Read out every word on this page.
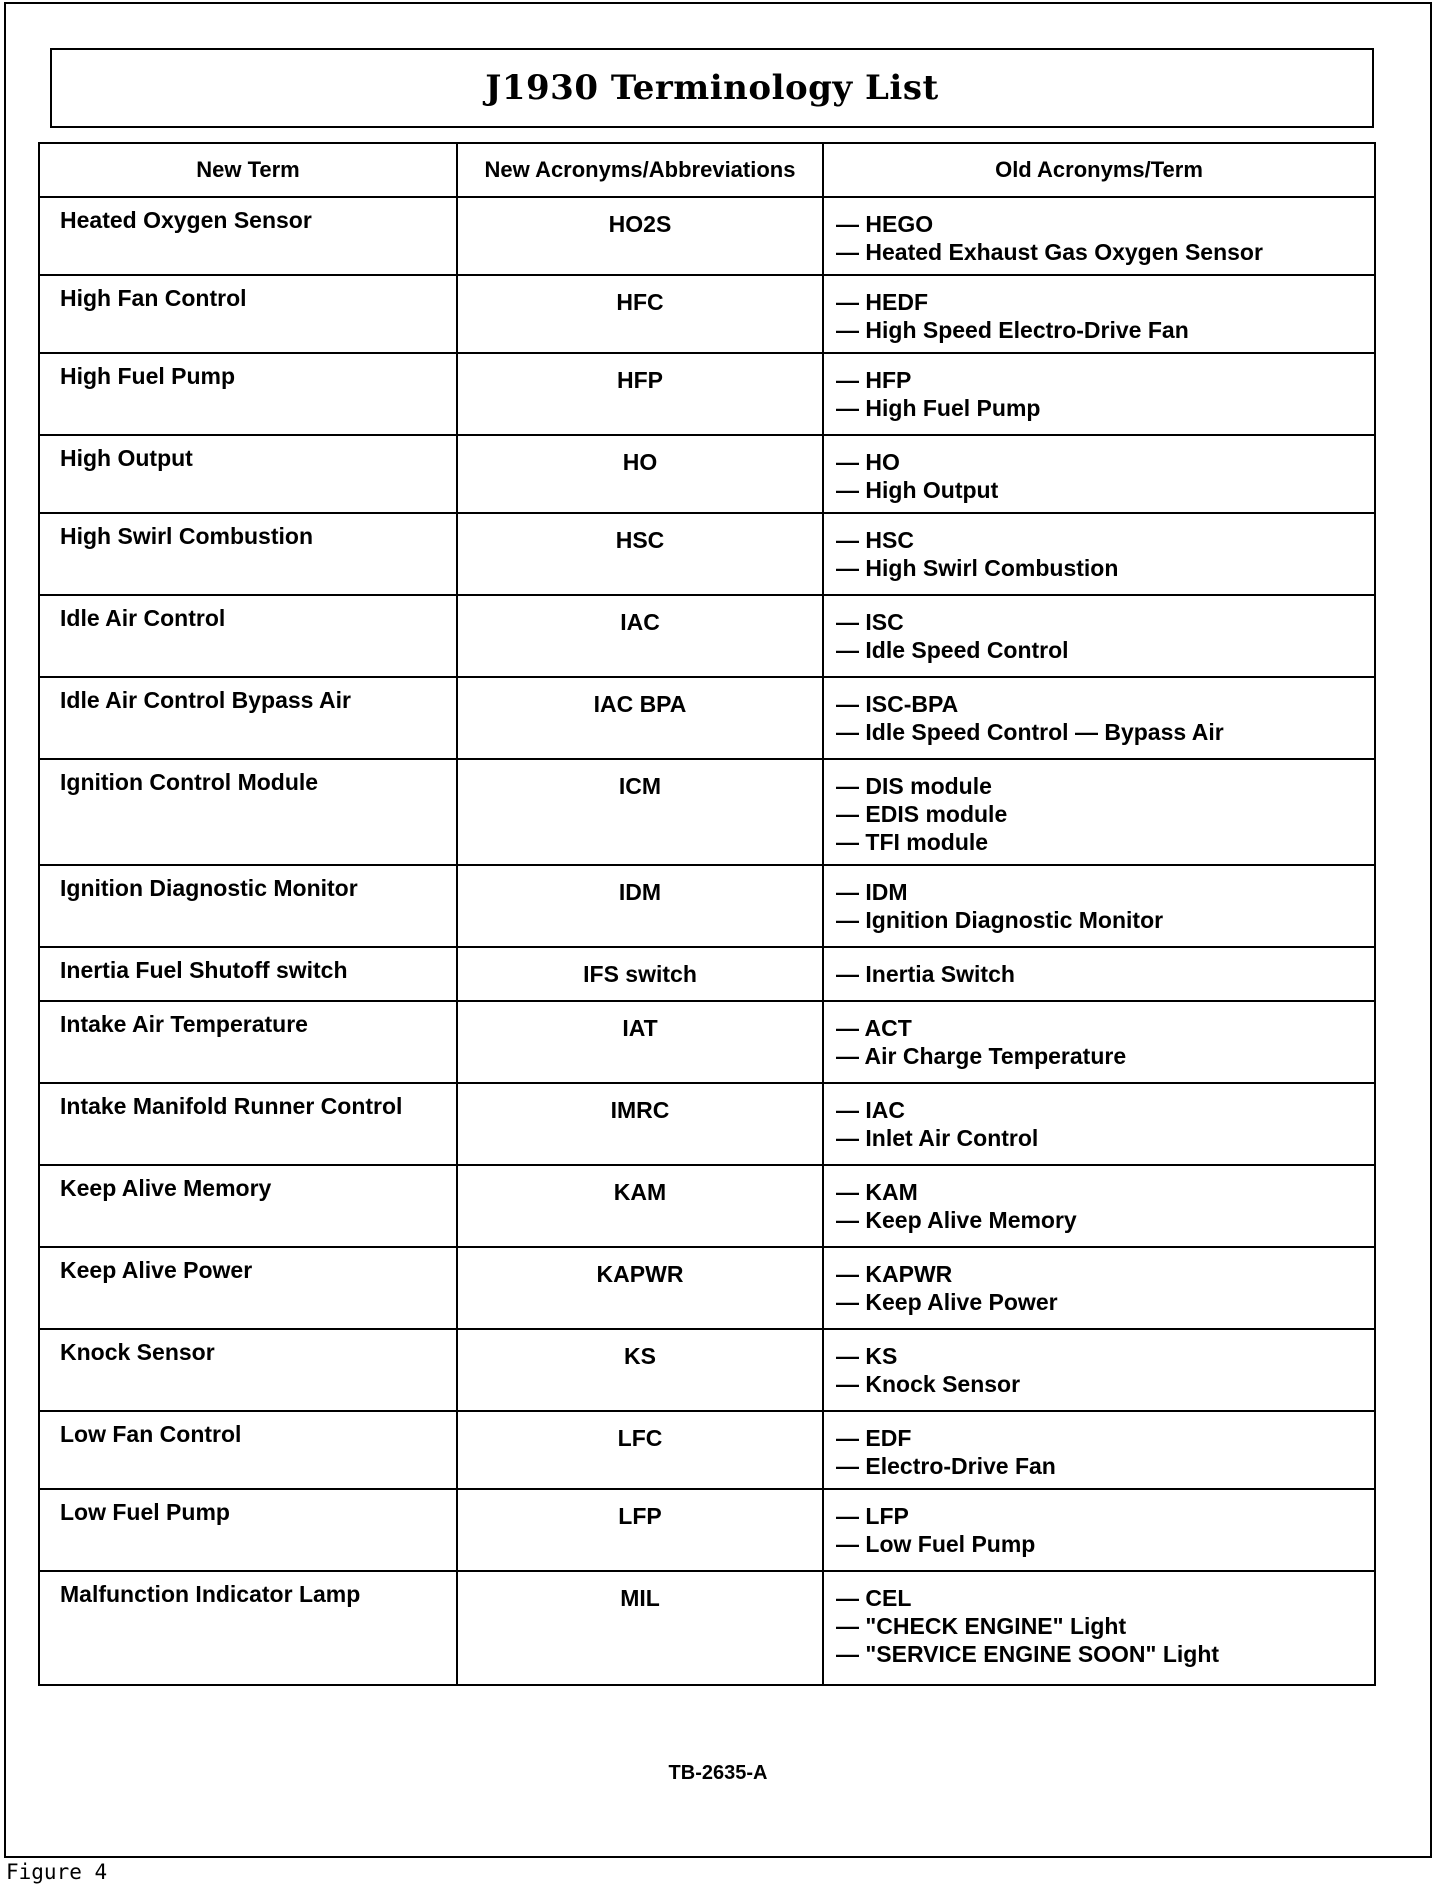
J1930 Terminology List
New Term	New Acronyms/Abbreviations	Old Acronyms/Term
Heated Oxygen Sensor	HO2S	— HEGO
— Heated Exhaust Gas Oxygen Sensor

High Fan Control	HFC	— HEDF
— High Speed Electro-Drive Fan

High Fuel Pump	HFP	— HFP
— High Fuel Pump

High Output	HO	— HO
— High Output

High Swirl Combustion	HSC	— HSC
— High Swirl Combustion

Idle Air Control	IAC	— ISC
— Idle Speed Control

Idle Air Control Bypass Air	IAC BPA	— ISC-BPA
— Idle Speed Control — Bypass Air

Ignition Control Module	ICM	— DIS module
— EDIS module
— TFI module

Ignition Diagnostic Monitor	IDM	— IDM
— Ignition Diagnostic Monitor

Inertia Fuel Shutoff switch	IFS switch	— Inertia Switch

Intake Air Temperature	IAT	— ACT
— Air Charge Temperature

Intake Manifold Runner Control	IMRC	— IAC
— Inlet Air Control

Keep Alive Memory	KAM	— KAM
— Keep Alive Memory

Keep Alive Power	KAPWR	— KAPWR
— Keep Alive Power

Knock Sensor	KS	— KS
— Knock Sensor

Low Fan Control	LFC	— EDF
— Electro-Drive Fan

Low Fuel Pump	LFP	— LFP
— Low Fuel Pump

Malfunction Indicator Lamp	MIL	— CEL
— "CHECK ENGINE" Light
— "SERVICE ENGINE SOON" Light
TB-2635-A
Figure 4
